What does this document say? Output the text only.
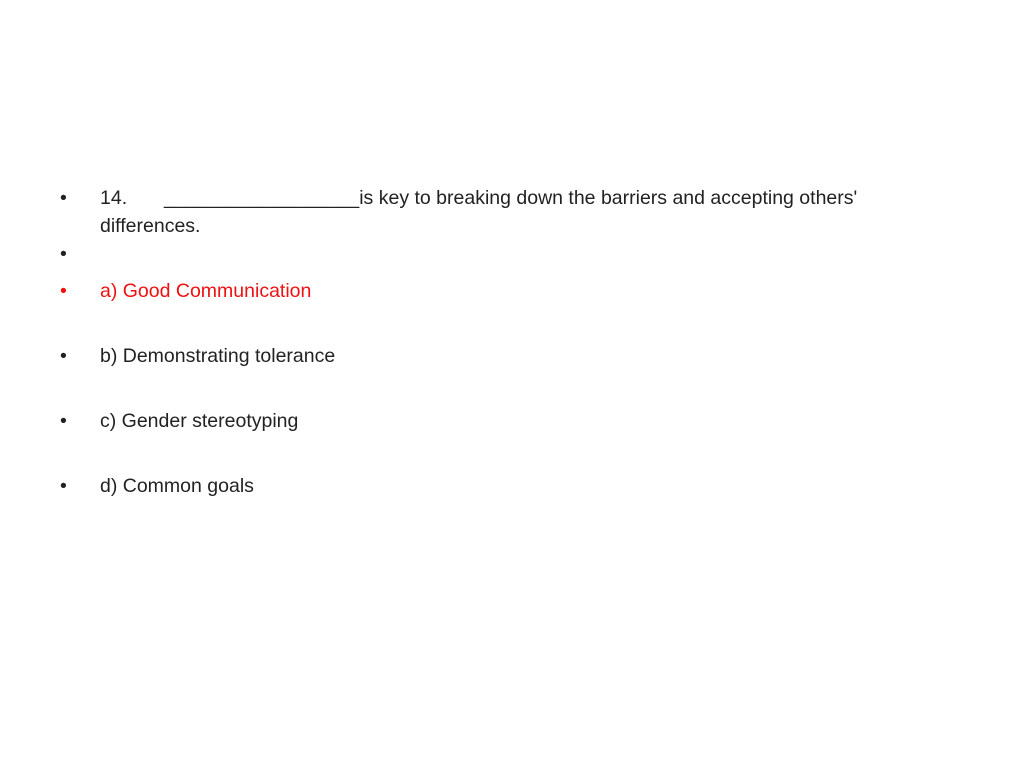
• 14. __________________is key to breaking down the barriers and accepting others' differences.
•
• a) Good Communication
• b) Demonstrating tolerance
• c) Gender stereotyping
• d) Common goals
